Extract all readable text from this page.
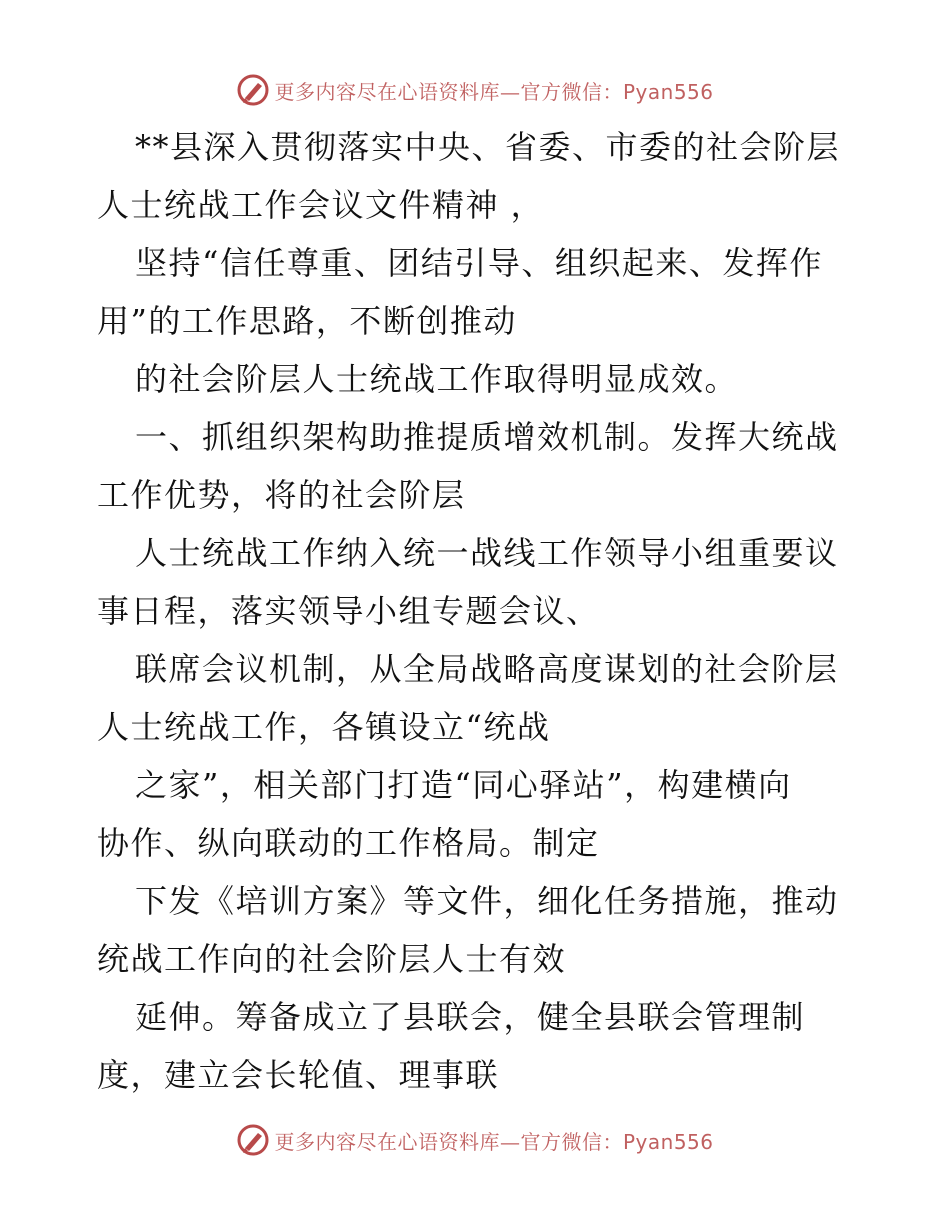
更多内容尽在心语资料库—官方微信：Pyan556
**县深入贯彻落实中央、省委、市委的社会阶层
人士统战工作会议文件精神 ，
坚持“信任尊重、团结引导、组织起来、发挥作
用”的工作思路，不断创推动
的社会阶层人士统战工作取得明显成效。
一、抓组织架构助推提质增效机制。发挥大统战
工作优势，将的社会阶层
人士统战工作纳入统一战线工作领导小组重要议
事日程，落实领导小组专题会议、
联席会议机制，从全局战略高度谋划的社会阶层
人士统战工作，各镇设立“统战
之家”，相关部门打造“同心驿站”，构建横向
协作、纵向联动的工作格局。制定
下发《培训方案》等文件，细化任务措施，推动
统战工作向的社会阶层人士有效
延伸。筹备成立了县联会，健全县联会管理制
度，建立会长轮值、理事联
更多内容尽在心语资料库—官方微信：Pyan556
